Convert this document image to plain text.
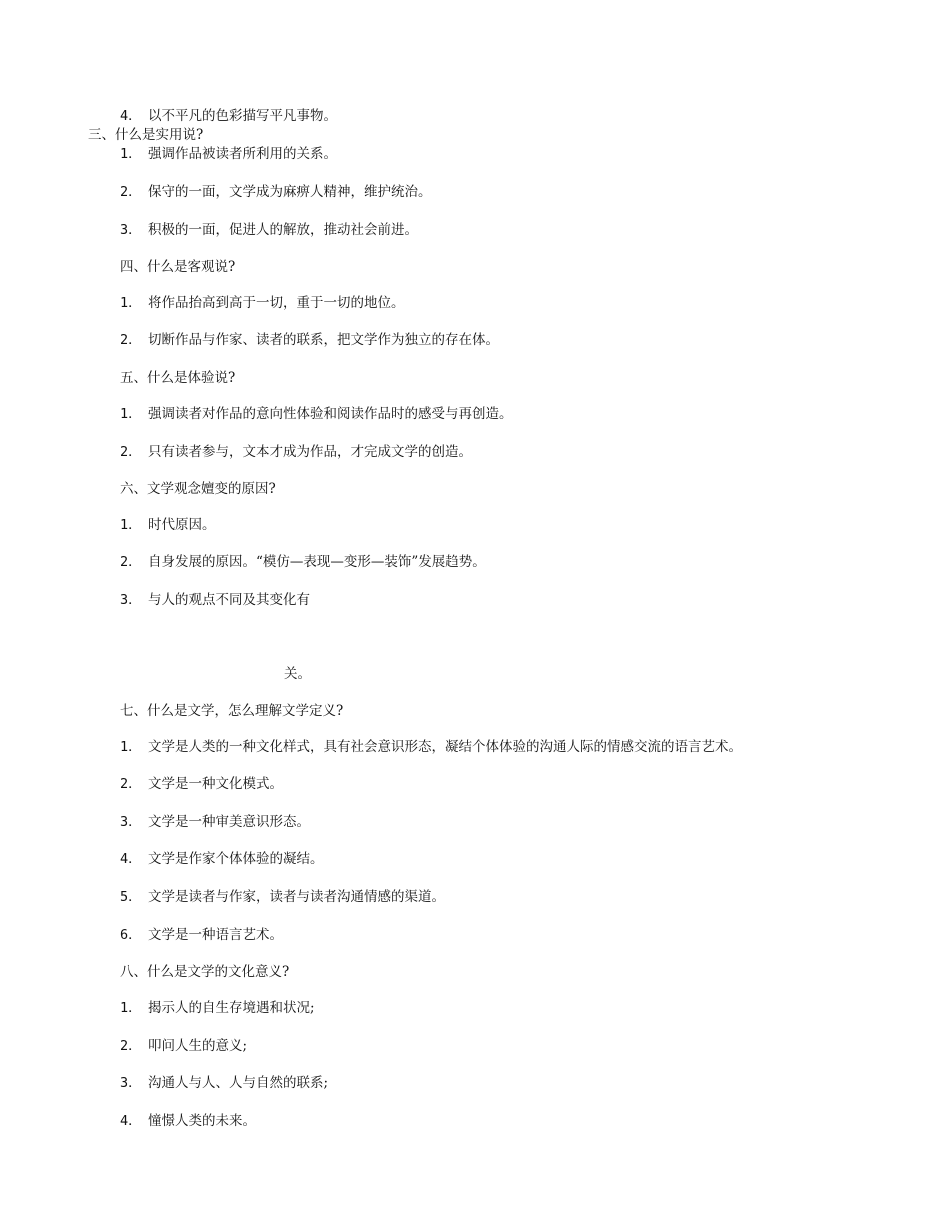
4． 以不平凡的色彩描写平凡事物。
三、什么是实用说?
1． 强调作品被读者所利用的关系。
2． 保守的一面，文学成为麻痹人精神，维护统治。
3． 积极的一面，促进人的解放，推动社会前进。
四、什么是客观说?
1． 将作品抬高到高于一切，重于一切的地位。
2． 切断作品与作家、读者的联系，把文学作为独立的存在体。
五、什么是体验说?
1． 强调读者对作品的意向性体验和阅读作品时的感受与再创造。
2． 只有读者参与，文本才成为作品，才完成文学的创造。
六、文学观念嬗变的原因?
1． 时代原因。
2． 自身发展的原因。“模仿—表现—变形—装饰”发展趋势。
3． 与人的观点不同及其变化有
关。
七、什么是文学，怎么理解文学定义?
1． 文学是人类的一种文化样式，具有社会意识形态，凝结个体体验的沟通人际的情感交流的语言艺术。
2． 文学是一种文化模式。
3． 文学是一种审美意识形态。
4． 文学是作家个体体验的凝结。
5． 文学是读者与作家，读者与读者沟通情感的渠道。
6． 文学是一种语言艺术。
八、什么是文学的文化意义?
1． 揭示人的自生存境遇和状况;
2． 叩问人生的意义;
3． 沟通人与人、人与自然的联系;
4． 憧憬人类的未来。
